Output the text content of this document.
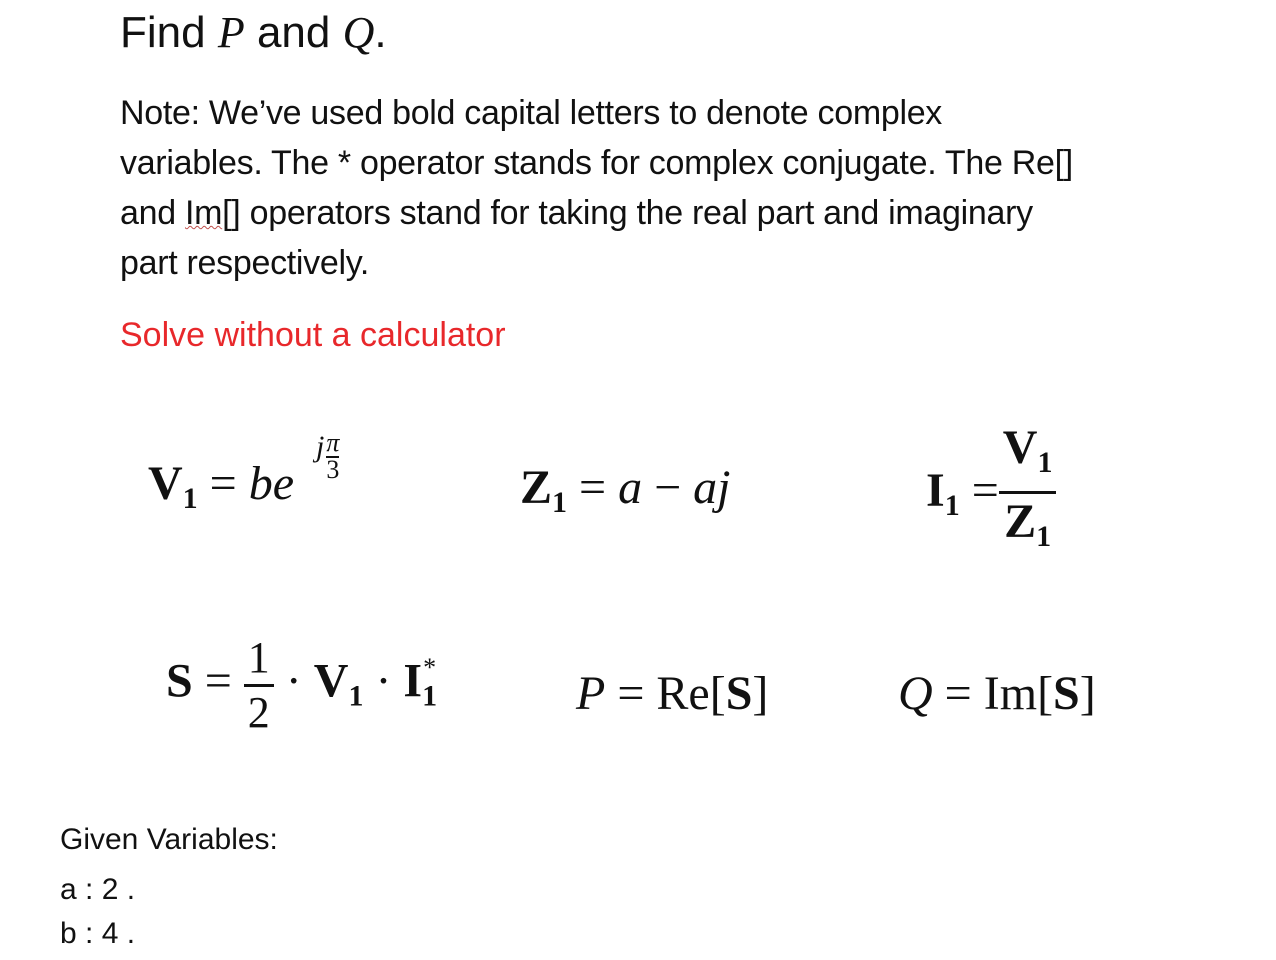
Find P and Q.
Note: We’ve used bold capital letters to denote complex
variables. The * operator stands for complex conjugate. The Re[]
and Im[] operators stand for taking the real part and imaginary
part respectively.
Solve without a calculator
$V_1$ = be
j $\frac{\pi}{3}$
$Z_1 = a$ − aj	$I_1 = \frac{V_1}{Z_1}$
$S = \frac{1}{2} \cdot V_1 \cdot I_1^*$	P = Re[S]	Q = Im[S]
Given Variables:
a : 2 .
b : 4 .
